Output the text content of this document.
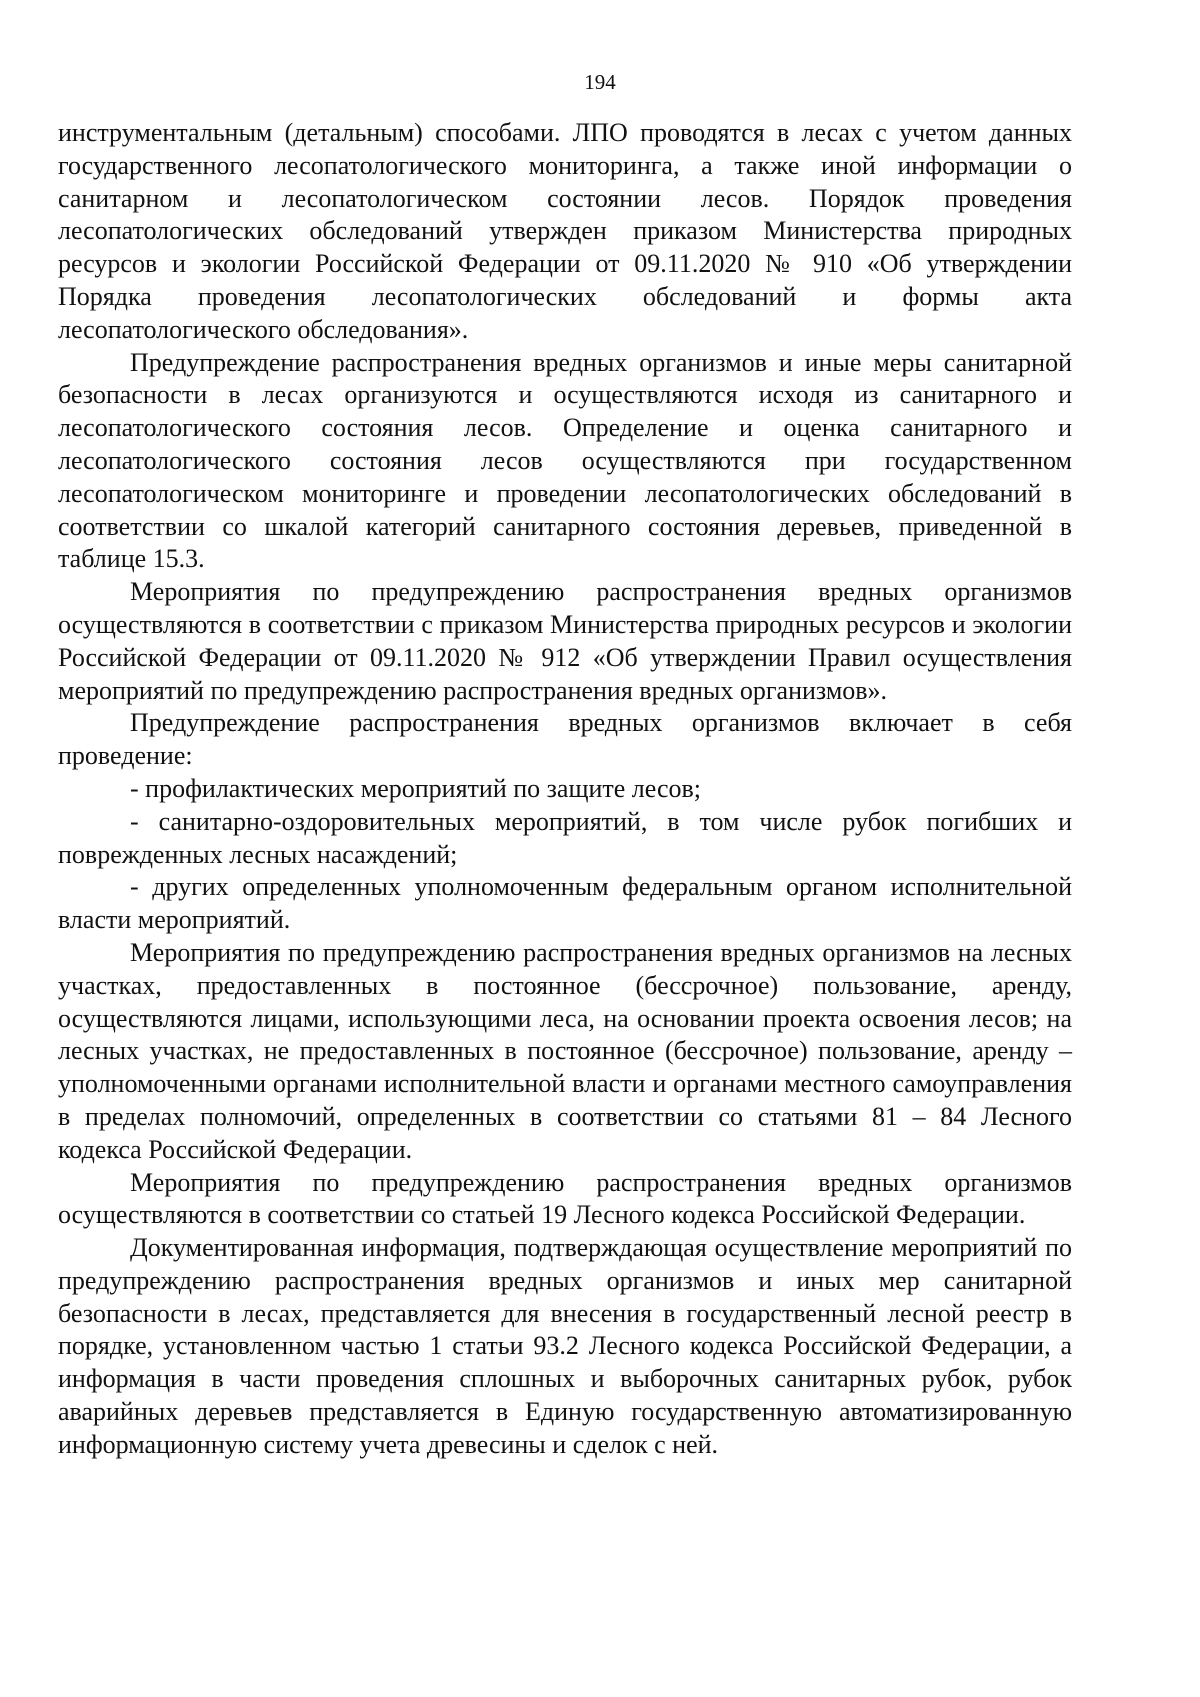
194

инструментальным (детальным) способами. ЛПО проводятся в лесах с учетом данных государственного лесопатологического мониторинга, а также иной информации о санитарном и лесопатологическом состоянии лесов. Порядок проведения лесопатологических обследований утвержден приказом Министерства природных ресурсов и экологии Российской Федерации от 09.11.2020 № 910 «Об утверждении Порядка проведения лесопатологических обследований и формы акта лесопатологического обследования».

Предупреждение распространения вредных организмов и иные меры санитарной безопасности в лесах организуются и осуществляются исходя из санитарного и лесопатологического состояния лесов. Определение и оценка санитарного и лесопатологического состояния лесов осуществляются при государственном лесопатологическом мониторинге и проведении лесопатологических обследований в соответствии со шкалой категорий санитарного состояния деревьев, приведенной в таблице 15.3.

Мероприятия по предупреждению распространения вредных организмов осуществляются в соответствии с приказом Министерства природных ресурсов и экологии Российской Федерации от 09.11.2020 № 912 «Об утверждении Правил осуществления мероприятий по предупреждению распространения вредных организмов».

Предупреждение распространения вредных организмов включает в себя проведение:

- профилактических мероприятий по защите лесов;

- санитарно-оздоровительных мероприятий, в том числе рубок погибших и поврежденных лесных насаждений;

- других определенных уполномоченным федеральным органом исполнительной власти мероприятий.

Мероприятия по предупреждению распространения вредных организмов на лесных участках, предоставленных в постоянное (бессрочное) пользование, аренду, осуществляются лицами, использующими леса, на основании проекта освоения лесов; на лесных участках, не предоставленных в постоянное (бессрочное) пользование, аренду – уполномоченными органами исполнительной власти и органами местного самоуправления в пределах полномочий, определенных в соответствии со статьями 81 – 84 Лесного кодекса Российской Федерации.

Мероприятия по предупреждению распространения вредных организмов осуществляются в соответствии со статьей 19 Лесного кодекса Российской Федерации.

Документированная информация, подтверждающая осуществление мероприятий по предупреждению распространения вредных организмов и иных мер санитарной безопасности в лесах, представляется для внесения в государственный лесной реестр в порядке, установленном частью 1 статьи 93.2 Лесного кодекса Российской Федерации, а информация в части проведения сплошных и выборочных санитарных рубок, рубок аварийных деревьев представляется в Единую государственную автоматизированную информационную систему учета древесины и сделок с ней.
